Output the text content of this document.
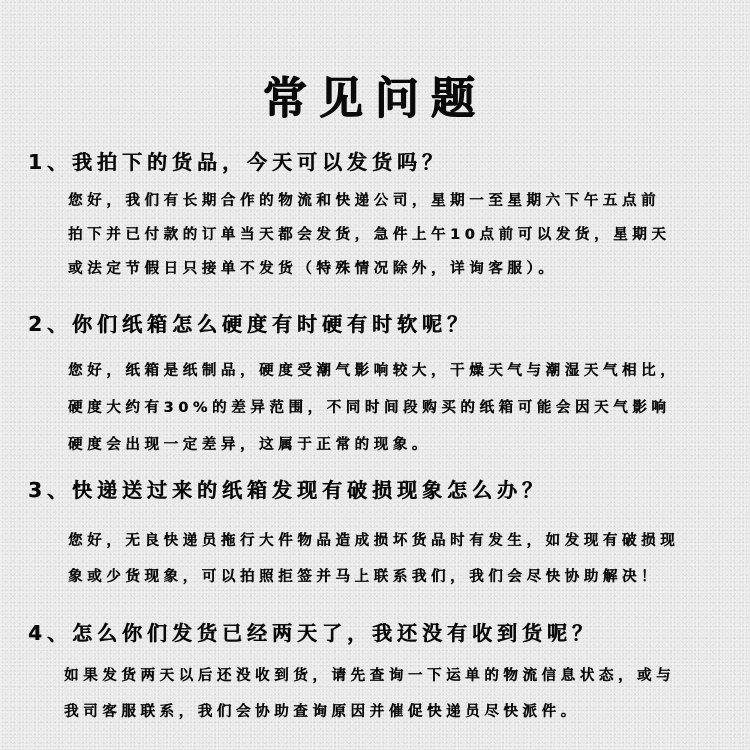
常见问题
1、我拍下的货品，今天可以发货吗？
您好，我们有长期合作的物流和快递公司，星期一至星期六下午五点前
拍下并已付款的订单当天都会发货，急件上午10点前可以发货，星期天
或法定节假日只接单不发货（特殊情况除外，详询客服）。
2、你们纸箱怎么硬度有时硬有时软呢？
您好，纸箱是纸制品，硬度受潮气影响较大，干燥天气与潮湿天气相比，
硬度大约有30%的差异范围，不同时间段购买的纸箱可能会因天气影响
硬度会出现一定差异，这属于正常的现象。
3、快递送过来的纸箱发现有破损现象怎么办？
您好，无良快递员拖行大件物品造成损坏货品时有发生，如发现有破损现
象或少货现象，可以拍照拒签并马上联系我们，我们会尽快协助解决！
4、怎么你们发货已经两天了，我还没有收到货呢？
如果发货两天以后还没收到货，请先查询一下运单的物流信息状态，或与
我司客服联系，我们会协助查询原因并催促快递员尽快派件。
